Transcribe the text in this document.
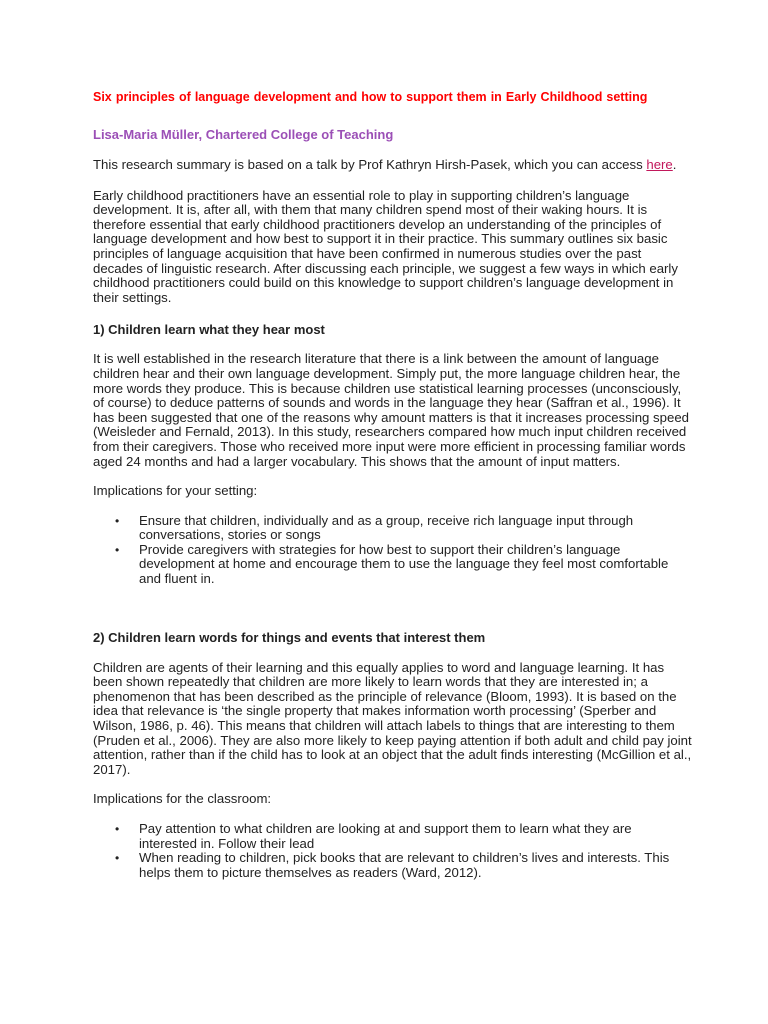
Six principles of language development and how to support them in Early Childhood setting

Lisa-Maria Müller, Chartered College of Teaching

This research summary is based on a talk by Prof Kathryn Hirsh-Pasek, which you can access here.

Early childhood practitioners have an essential role to play in supporting children’s language development. It is, after all, with them that many children spend most of their waking hours. It is therefore essential that early childhood practitioners develop an understanding of the principles of language development and how best to support it in their practice. This summary outlines six basic principles of language acquisition that have been confirmed in numerous studies over the past decades of linguistic research. After discussing each principle, we suggest a few ways in which early childhood practitioners could build on this knowledge to support children’s language development in their settings.

1) Children learn what they hear most

It is well established in the research literature that there is a link between the amount of language children hear and their own language development. Simply put, the more language children hear, the more words they produce. This is because children use statistical learning processes (unconsciously, of course) to deduce patterns of sounds and words in the language they hear (Saffran et al., 1996). It has been suggested that one of the reasons why amount matters is that it increases processing speed (Weisleder and Fernald, 2013). In this study, researchers compared how much input children received from their caregivers. Those who received more input were more efficient in processing familiar words aged 24 months and had a larger vocabulary. This shows that the amount of input matters.

Implications for your setting:

• Ensure that children, individually and as a group, receive rich language input through conversations, stories or songs
• Provide caregivers with strategies for how best to support their children’s language development at home and encourage them to use the language they feel most comfortable and fluent in.
2) Children learn words for things and events that interest them

Children are agents of their learning and this equally applies to word and language learning. It has been shown repeatedly that children are more likely to learn words that they are interested in; a phenomenon that has been described as the principle of relevance (Bloom, 1993). It is based on the idea that relevance is ‘the single property that makes information worth processing’ (Sperber and Wilson, 1986, p. 46). This means that children will attach labels to things that are interesting to them (Pruden et al., 2006). They are also more likely to keep paying attention if both adult and child pay joint attention, rather than if the child has to look at an object that the adult finds interesting (McGillion et al., 2017).

Implications for the classroom:

• Pay attention to what children are looking at and support them to learn what they are interested in. Follow their lead
• When reading to children, pick books that are relevant to children’s lives and interests. This helps them to picture themselves as readers (Ward, 2012).
